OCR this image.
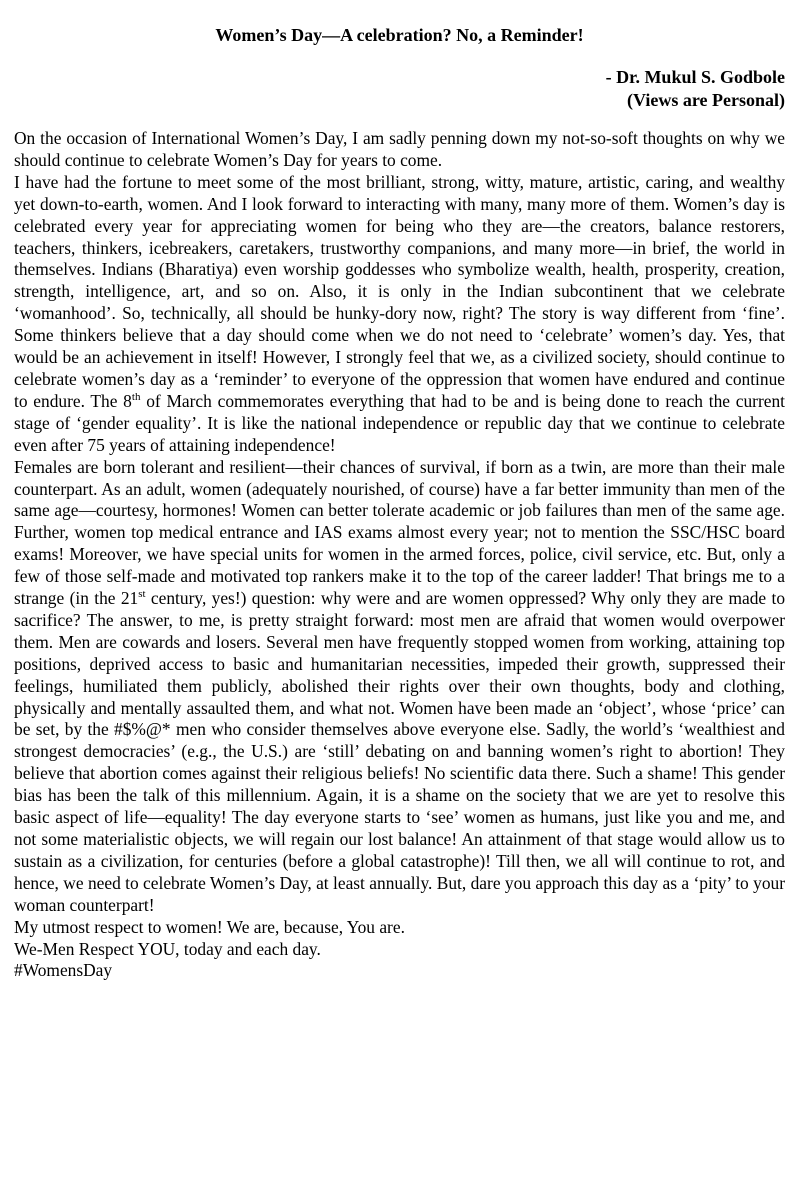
Women’s Day—A celebration? No, a Reminder!
- Dr. Mukul S. Godbole
(Views are Personal)

On the occasion of International Women’s Day, I am sadly penning down my not-so-soft thoughts on why we should continue to celebrate Women’s Day for years to come.

I have had the fortune to meet some of the most brilliant, strong, witty, mature, artistic, caring, and wealthy yet down-to-earth, women. And I look forward to interacting with many, many more of them. Women’s day is celebrated every year for appreciating women for being who they are—the creators, balance restorers, teachers, thinkers, icebreakers, caretakers, trustworthy companions, and many more—in brief, the world in themselves. Indians (Bharatiya) even worship goddesses who symbolize wealth, health, prosperity, creation, strength, intelligence, art, and so on. Also, it is only in the Indian subcontinent that we celebrate ‘womanhood’. So, technically, all should be hunky-dory now, right? The story is way different from ‘fine’. Some thinkers believe that a day should come when we do not need to ‘celebrate’ women’s day. Yes, that would be an achievement in itself! However, I strongly feel that we, as a civilized society, should continue to celebrate women’s day as a ‘reminder’ to everyone of the oppression that women have endured and continue to endure. The 8th of March commemorates everything that had to be and is being done to reach the current stage of ‘gender equality’. It is like the national independence or republic day that we continue to celebrate even after 75 years of attaining independence!

Females are born tolerant and resilient—their chances of survival, if born as a twin, are more than their male counterpart. As an adult, women (adequately nourished, of course) have a far better immunity than men of the same age—courtesy, hormones! Women can better tolerate academic or job failures than men of the same age. Further, women top medical entrance and IAS exams almost every year; not to mention the SSC/HSC board exams! Moreover, we have special units for women in the armed forces, police, civil service, etc. But, only a few of those self-made and motivated top rankers make it to the top of the career ladder! That brings me to a strange (in the 21st century, yes!) question: why were and are women oppressed? Why only they are made to sacrifice? The answer, to me, is pretty straight forward: most men are afraid that women would overpower them. Men are cowards and losers. Several men have frequently stopped women from working, attaining top positions, deprived access to basic and humanitarian necessities, impeded their growth, suppressed their feelings, humiliated them publicly, abolished their rights over their own thoughts, body and clothing, physically and mentally assaulted them, and what not. Women have been made an ‘object’, whose ‘price’ can be set, by the #$%@* men who consider themselves above everyone else. Sadly, the world’s ‘wealthiest and strongest democracies’ (e.g., the U.S.) are ‘still’ debating on and banning women’s right to abortion! They believe that abortion comes against their religious beliefs! No scientific data there. Such a shame! This gender bias has been the talk of this millennium. Again, it is a shame on the society that we are yet to resolve this basic aspect of life—equality! The day everyone starts to ‘see’ women as humans, just like you and me, and not some materialistic objects, we will regain our lost balance! An attainment of that stage would allow us to sustain as a civilization, for centuries (before a global catastrophe)! Till then, we all will continue to rot, and hence, we need to celebrate Women’s Day, at least annually. But, dare you approach this day as a ‘pity’ to your woman counterpart!

My utmost respect to women! We are, because, You are.

We-Men Respect YOU, today and each day.

#WomensDay
